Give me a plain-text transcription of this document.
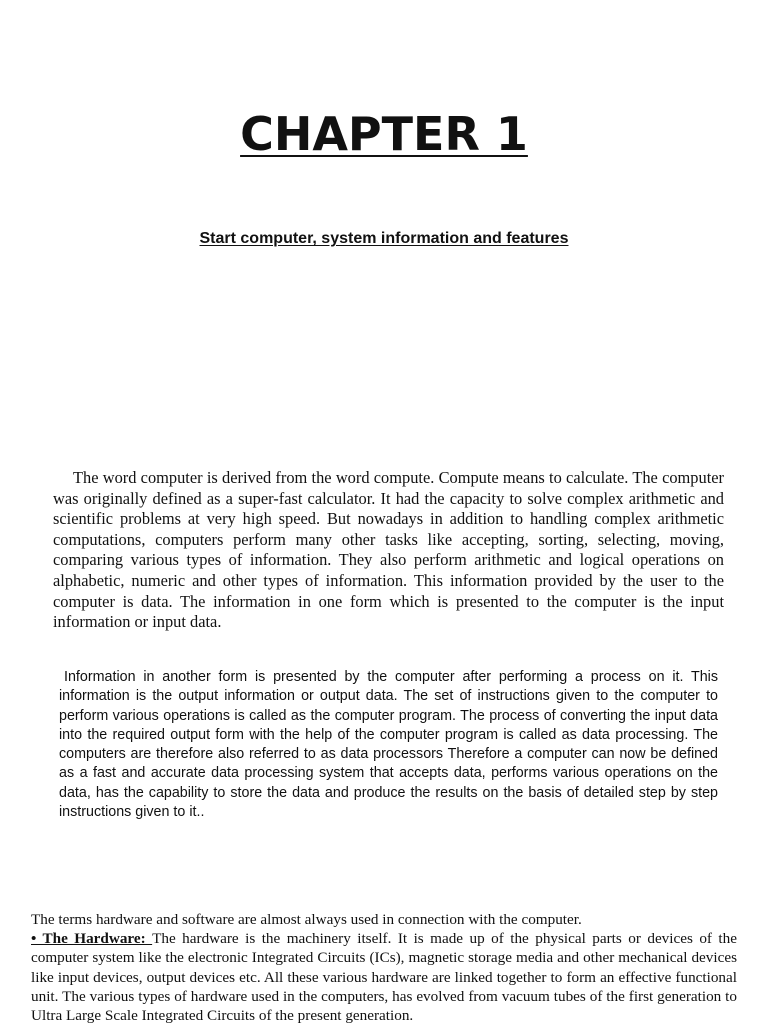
CHAPTER 1
Start computer, system information and features

The word computer is derived from the word compute. Compute means to calculate. The computer was originally defined as a super-fast calculator. It had the capacity to solve complex arithmetic and scientific problems at very high speed. But nowadays in addition to handling complex arithmetic computations, computers perform many other tasks like accepting, sorting, selecting, moving, comparing various types of information. They also perform arithmetic and logical operations on alphabetic, numeric and other types of information. This information provided by the user to the computer is data. The information in one form which is presented to the computer is the input information or input data.

Information in another form is presented by the computer after performing a process on it. This information is the output information or output data. The set of instructions given to the computer to perform various operations is called as the computer program. The process of converting the input data into the required output form with the help of the computer program is called as data processing. The computers are therefore also referred to as data processors Therefore a computer can now be defined as a fast and accurate data processing system that accepts data, performs various operations on the data, has the capability to store the data and produce the results on the basis of detailed step by step instructions given to it..

The terms hardware and software are almost always used in connection with the computer.
• The Hardware: The hardware is the machinery itself. It is made up of the physical parts or devices of the computer system like the electronic Integrated Circuits (ICs), magnetic storage media and other mechanical devices like input devices, output devices etc. All these various hardware are linked together to form an effective functional unit. The various types of hardware used in the computers, has evolved from vacuum tubes of the first generation to Ultra Large Scale Integrated Circuits of the present generation.
